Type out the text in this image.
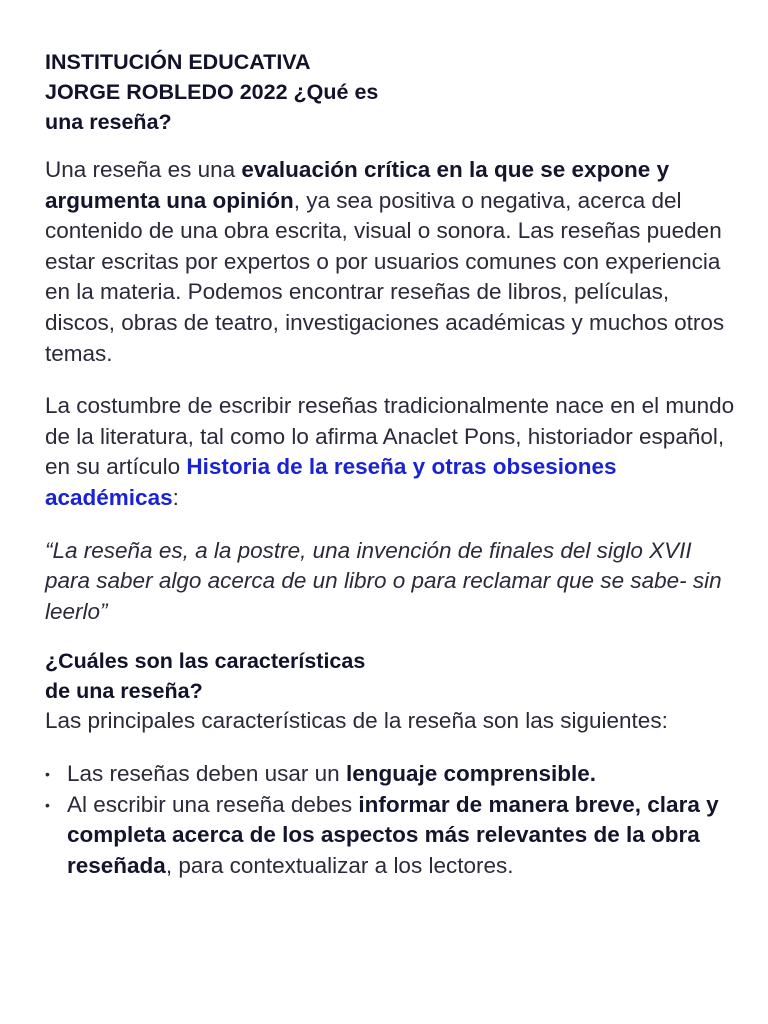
INSTITUCIÓN EDUCATIVA
JORGE ROBLEDO 2022 ¿Qué es
una reseña?

Una reseña es una evaluación crítica en la que se expone y argumenta una opinión, ya sea positiva o negativa, acerca del contenido de una obra escrita, visual o sonora. Las reseñas pueden estar escritas por expertos o por usuarios comunes con experiencia en la materia. Podemos encontrar reseñas de libros, películas, discos, obras de teatro, investigaciones académicas y muchos otros temas.

La costumbre de escribir reseñas tradicionalmente nace en el mundo de la literatura, tal como lo afirma Anaclet Pons, historiador español, en su artículo Historia de la reseña y otras obsesiones académicas:

“La reseña es, a la postre, una invención de finales del siglo XVII para saber algo acerca de un libro o para reclamar que se sabe- sin leerlo”

¿Cuáles son las características
de una reseña?

Las principales características de la reseña son las siguientes:

• Las reseñas deben usar un lenguaje comprensible.
• Al escribir una reseña debes informar de manera breve, clara y completa acerca de los aspectos más relevantes de la obra reseñada, para contextualizar a los lectores.
